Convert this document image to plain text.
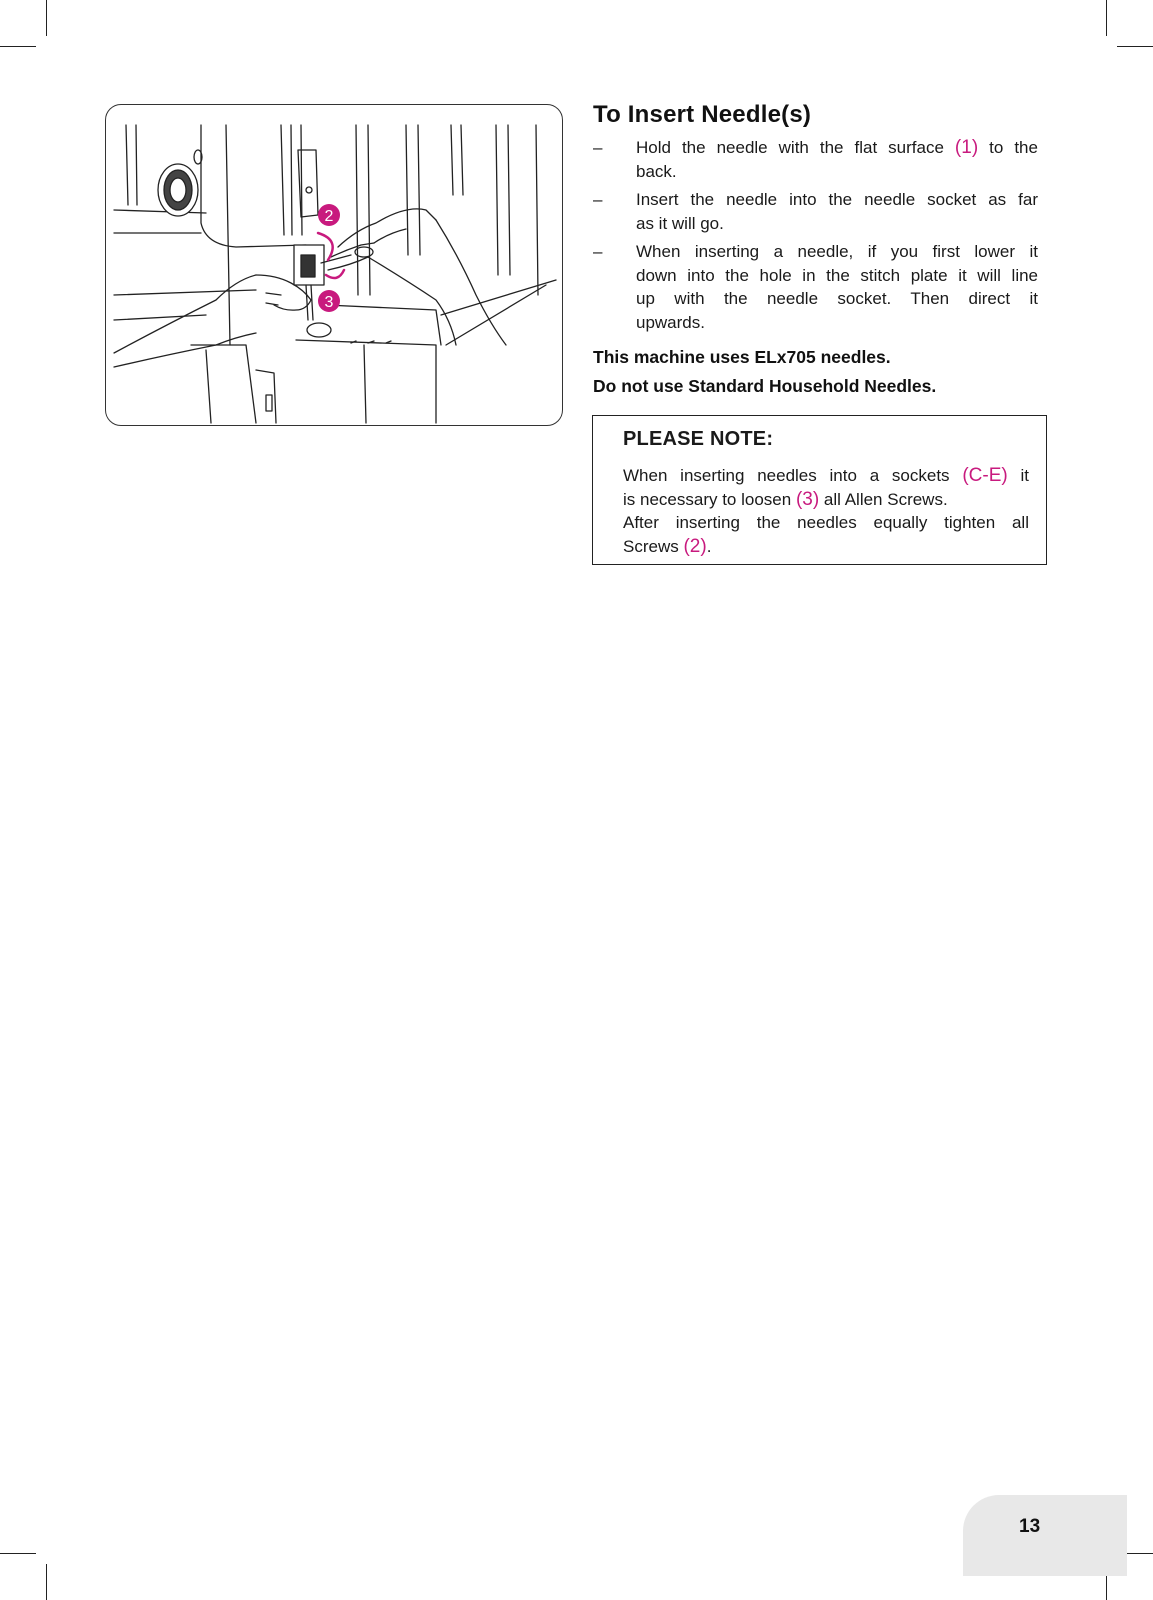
2
3
To Insert Needle(s)
– Hold the needle with the flat surface (1) to the
back.
– Insert the needle into the needle socket as far
as it will go.
– When inserting a needle, if you first lower it
down into the hole in the stitch plate it will line
up with the needle socket. Then direct it
upwards.
This machine uses ELx705 needles.
Do not use Standard Household Needles.
PLEASE NOTE:
When inserting needles into a sockets (C-E) it
is necessary to loosen (3) all Allen Screws.
After inserting the needles equally tighten all
Screws (2).
13
